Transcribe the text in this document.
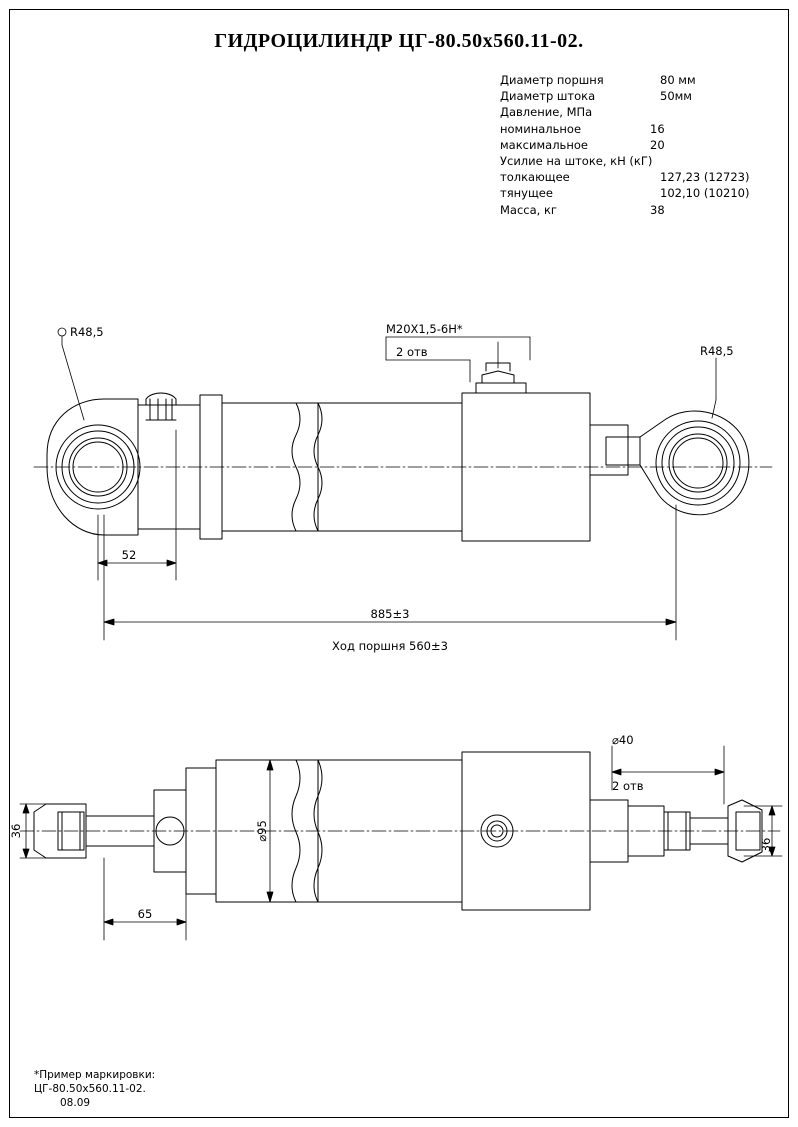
ГИДРОЦИЛИНДР ЦГ-80.50х560.11-02.
Диаметр поршня	80 мм
Диаметр штока	50мм
Давление, МПа
номинальное	16
максимальное	20
Усилие на штоке, кН (кГ)
толкающее	127,23 (12723)
тянущее	102,10 (10210)
Масса, кг	38
R48,5
R48,5
M20X1,5-6H*
2 отв
52
885±3
Ход поршня 560±3
65
⌀40
2 отв
⌀95
36
36
*Пример маркировки:
ЦГ-80.50х560.11-02.
08.09
